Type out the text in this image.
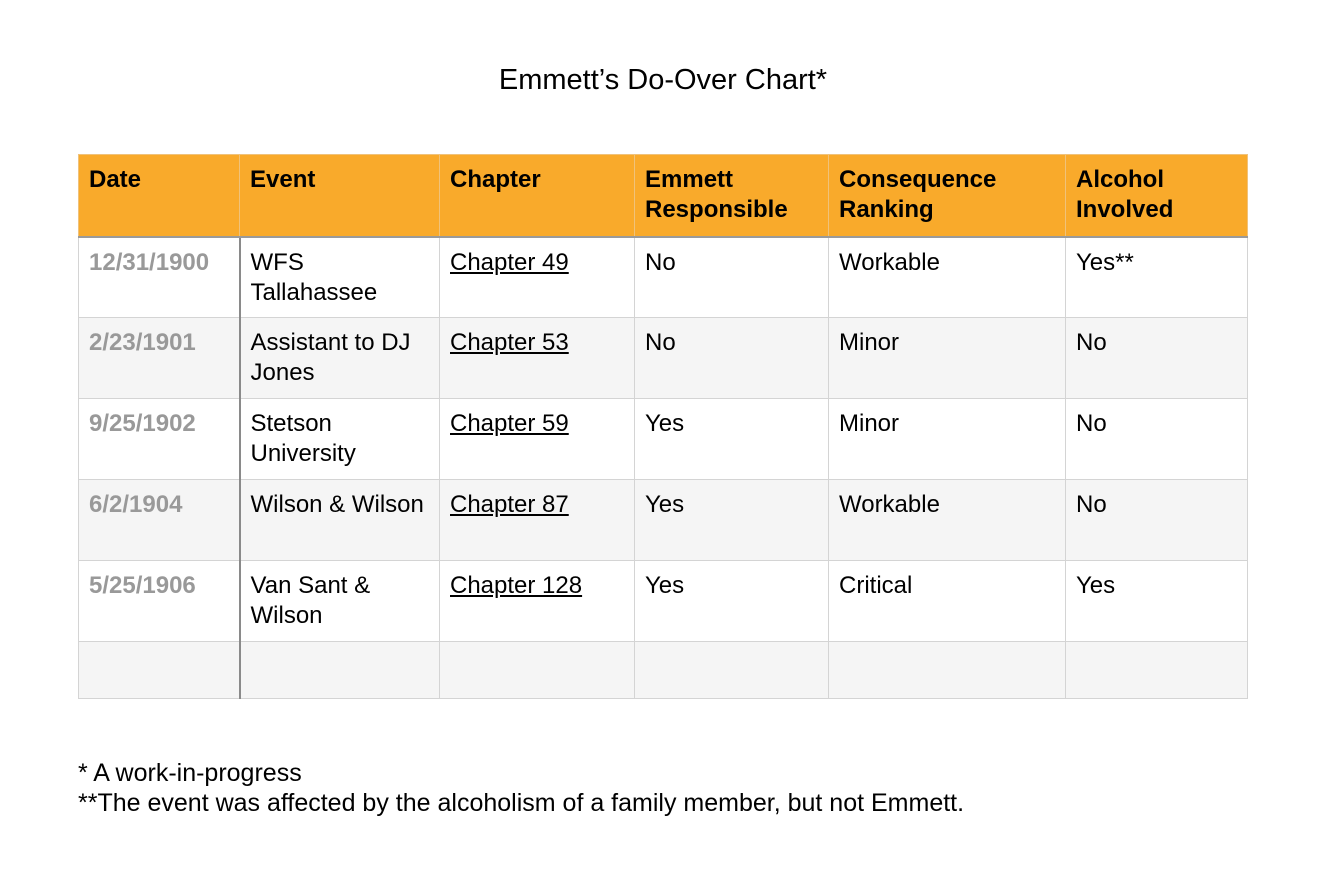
Emmett’s Do-Over Chart*
Date	Event	Chapter	Emmett Responsible	Consequence Ranking	Alcohol Involved
12/31/1900	WFS Tallahassee	Chapter 49	No	Workable	Yes**
2/23/1901	Assistant to DJ Jones	Chapter 53	No	Minor	No
9/25/1902	Stetson University	Chapter 59	Yes	Minor	No
6/2/1904	Wilson & Wilson	Chapter 87	Yes	Workable	No
5/25/1906	Van Sant & Wilson	Chapter 128	Yes	Critical	Yes

* A work-in-progress
**The event was affected by the alcoholism of a family member, but not Emmett.
